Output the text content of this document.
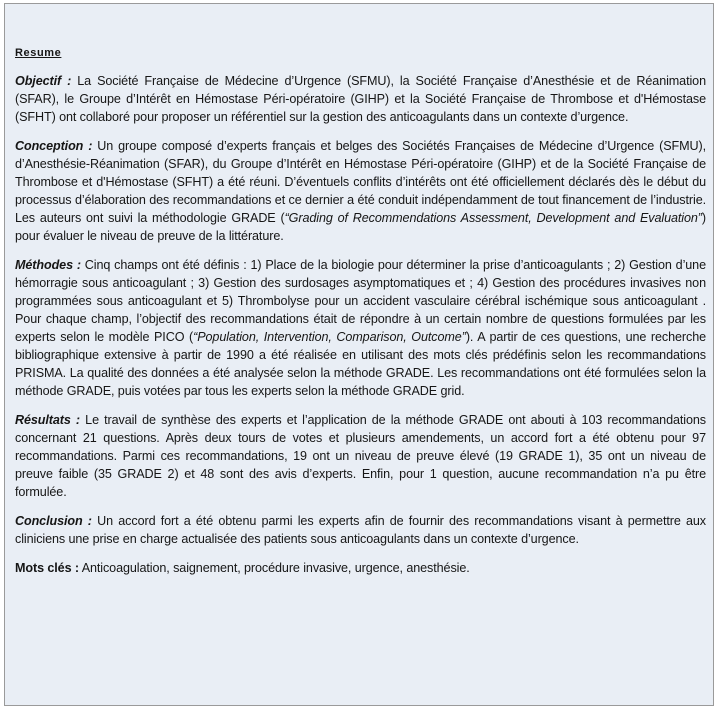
Resume

Objectif : La Société Française de Médecine d’Urgence (SFMU), la Société Française d’Anesthésie et de Réanimation (SFAR), le Groupe d’Intérêt en Hémostase Péri-opératoire (GIHP) et la Société Française de Thrombose et d'Hémostase (SFHT) ont collaboré pour proposer un référentiel sur la gestion des anticoagulants dans un contexte d’urgence.

Conception : Un groupe composé d’experts français et belges des Sociétés Françaises de Médecine d’Urgence (SFMU), d’Anesthésie-Réanimation (SFAR), du Groupe d’Intérêt en Hémostase Péri-opératoire (GIHP) et de la Société Française de Thrombose et d'Hémostase (SFHT) a été réuni. D’éventuels conflits d’intérêts ont été officiellement déclarés dès le début du processus d’élaboration des recommandations et ce dernier a été conduit indépendamment de tout financement de l’industrie. Les auteurs ont suivi la méthodologie GRADE (“Grading of Recommendations Assessment, Development and Evaluation”) pour évaluer le niveau de preuve de la littérature.

Méthodes : Cinq champs ont été définis : 1) Place de la biologie pour déterminer la prise d’anticoagulants ; 2) Gestion d’une hémorragie sous anticoagulant ; 3) Gestion des surdosages asymptomatiques et ; 4) Gestion des procédures invasives non programmées sous anticoagulant et 5) Thrombolyse pour un accident vasculaire cérébral ischémique sous anticoagulant . Pour chaque champ, l’objectif des recommandations était de répondre à un certain nombre de questions formulées par les experts selon le modèle PICO (“Population, Intervention, Comparison, Outcome”). A partir de ces questions, une recherche bibliographique extensive à partir de 1990 a été réalisée en utilisant des mots clés prédéfinis selon les recommandations PRISMA. La qualité des données a été analysée selon la méthode GRADE. Les recommandations ont été formulées selon la méthode GRADE, puis votées par tous les experts selon la méthode GRADE grid.

Résultats : Le travail de synthèse des experts et l’application de la méthode GRADE ont abouti à 103 recommandations concernant 21 questions. Après deux tours de votes et plusieurs amendements, un accord fort a été obtenu pour 97 recommandations. Parmi ces recommandations, 19 ont un niveau de preuve élevé (19 GRADE 1), 35 ont un niveau de preuve faible (35 GRADE 2) et 48 sont des avis d’experts. Enfin, pour 1 question, aucune recommandation n’a pu être formulée.

Conclusion : Un accord fort a été obtenu parmi les experts afin de fournir des recommandations visant à permettre aux cliniciens une prise en charge actualisée des patients sous anticoagulants dans un contexte d’urgence.

Mots clés : Anticoagulation, saignement, procédure invasive, urgence, anesthésie.
